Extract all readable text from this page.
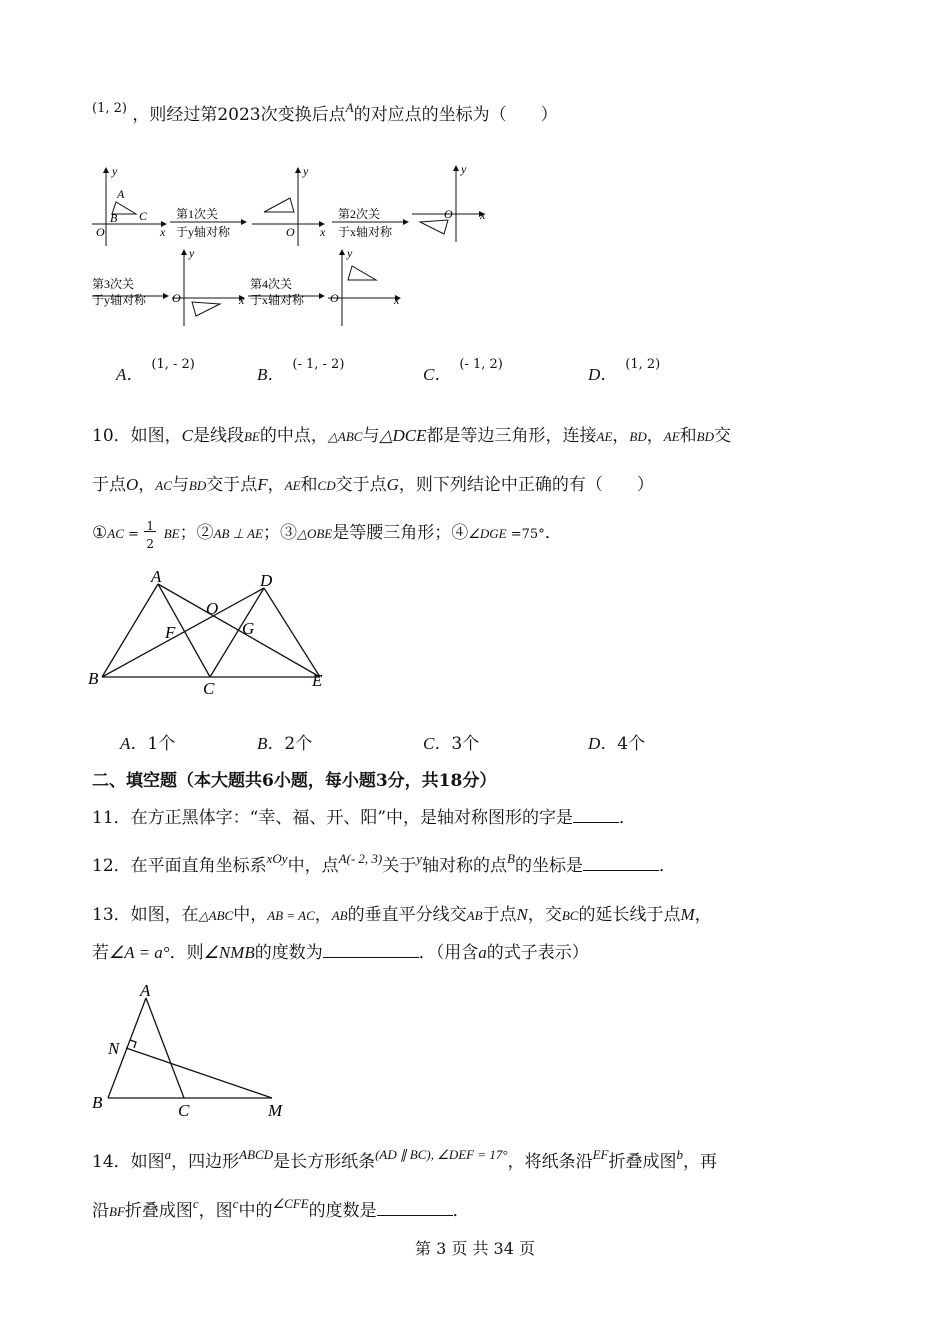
$^{(1, 2)}$ ，则经过第2023次变换后点$^A$的对应点的坐标为（　　）
y
x
O
A
B C 第1次关
于y轴对称
y
x
O
第2次关
于x轴对称
y
x
O
第3次关
于y轴对称
y
x
O
第4次关
于x轴对称
y
x
O
A．$^{(1, - 2)}$
B．$^{(- 1, - 2)}$
C．$^{(- 1, 2)}$
D．$^{(1, 2)}$
10．如图，C是线段BE的中点，△ABC与△DCE都是等边三角形，连接AE，BD，AE和BD交
于点O，AC与BD交于点F，AE和CD交于点G，则下列结论中正确的有（　　）
①AC = $\frac{1}{2}$ BE；②AB ⊥ AE；③△OBE是等腰三角形；④∠DGE =75°．
A
B
C
D
E
O
F	G
A．1个	B．2个	C．3个	D．4个
二、填空题（本大题共6小题，每小题3分，共18分）
11．在方正黑体字：“幸、福、开、阳”中，是轴对称图形的字是	．
12．在平面直角坐标系$^{xOy}$中，点$^{A(- 2, 3)}$关于$^y$轴对称的点$^B$的坐标是	．
13．如图，在△ABC中，AB = AC，AB的垂直平分线交AB于点N，交BC的延长线于点M，
若∠A = a°．则∠NMB的度数为	．（用含a的式子表示）
A
N
B	C	M
14．如图$^a$，四边形$^{ABCD}$是长方形纸条$^{(AD \parallel BC), \angle DEF = 17^\circ}$，将纸条沿$^{EF}$折叠成图$^b$，再
沿BF折叠成图$^c$，图$^c$中的$^{\angle CFE}$的度数是	．
第 3 页 共 34 页
